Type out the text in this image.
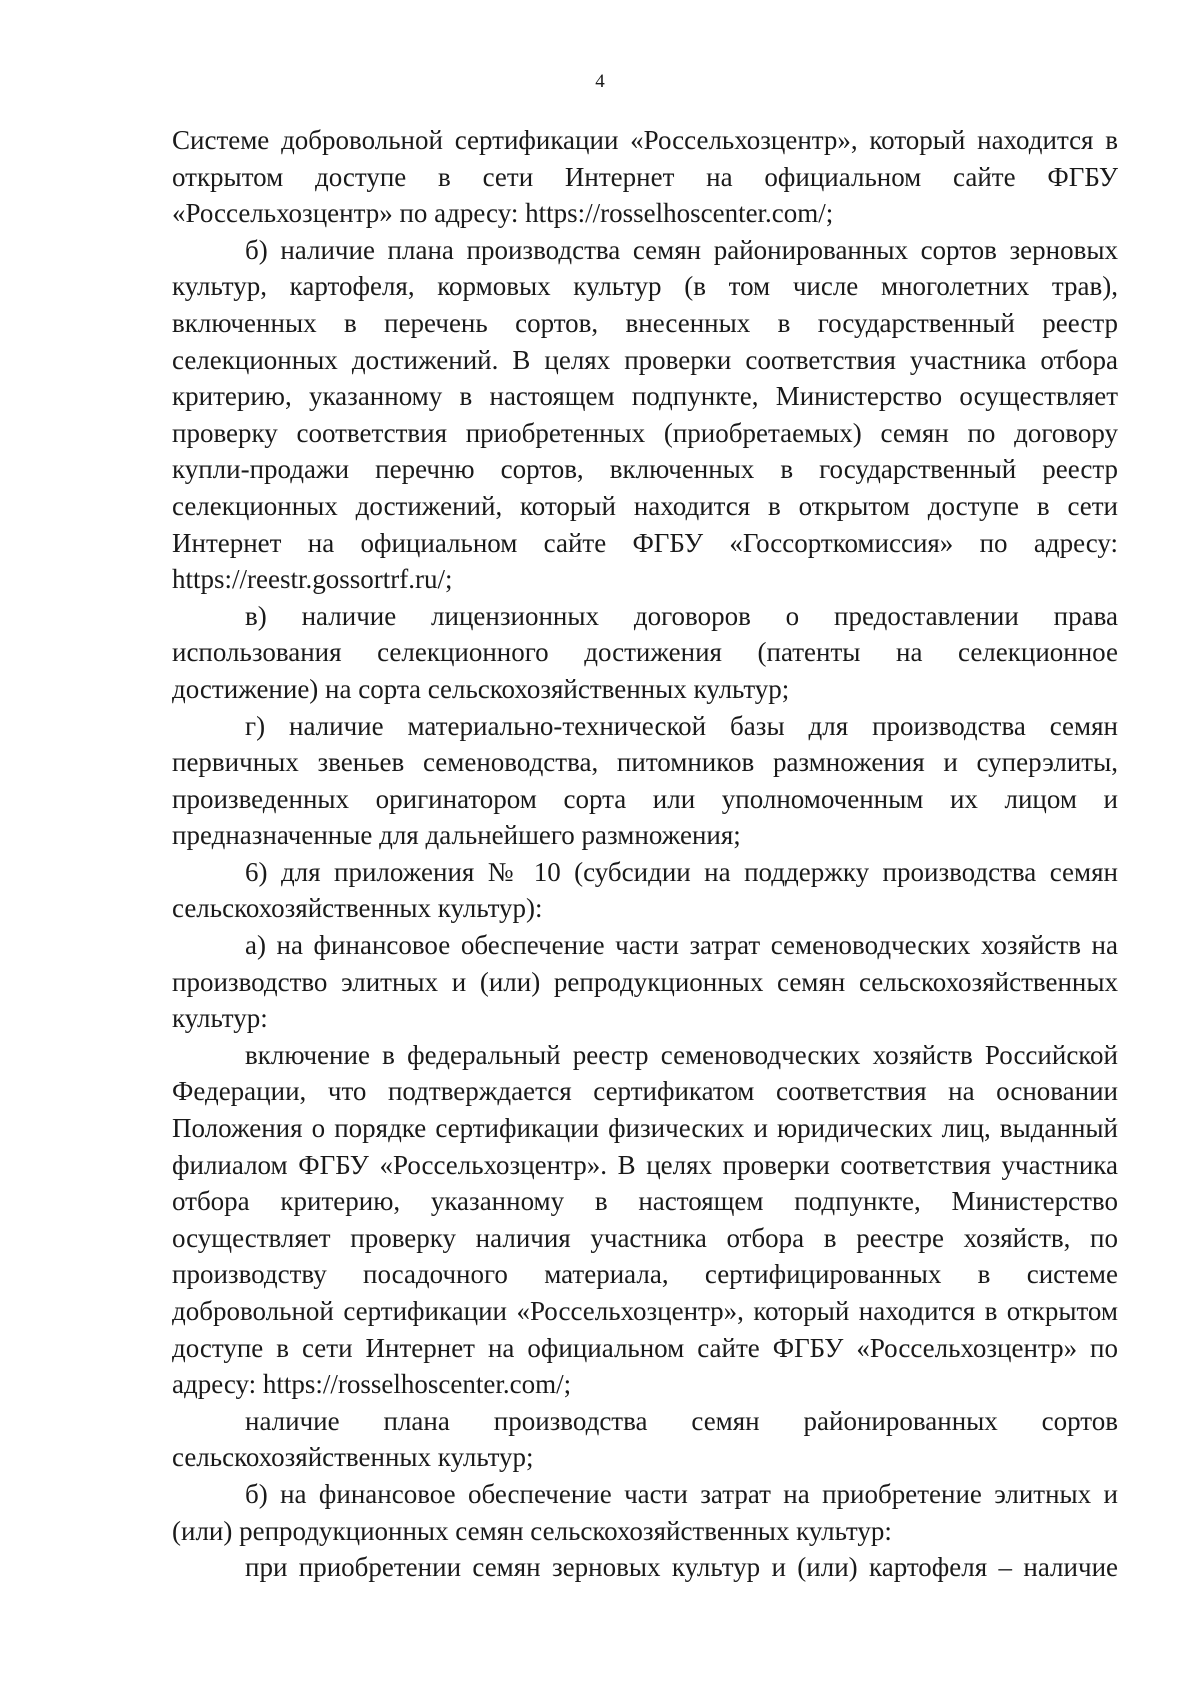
4

Системе добровольной сертификации «Россельхозцентр», который находится в открытом доступе в сети Интернет на официальном сайте ФГБУ «Россельхозцентр» по адресу: https://rosselhoscenter.com/;

б) наличие плана производства семян районированных сортов зерновых культур, картофеля, кормовых культур (в том числе многолетних трав), включенных в перечень сортов, внесенных в государственный реестр селекционных достижений. В целях проверки соответствия участника отбора критерию, указанному в настоящем подпункте, Министерство осуществляет проверку соответствия приобретенных (приобретаемых) семян по договору купли-продажи перечню сортов, включенных в государственный реестр селекционных достижений, который находится в открытом доступе в сети Интернет на официальном сайте ФГБУ «Госсорткомиссия» по адресу: https://reestr.gossortrf.ru/;

в) наличие лицензионных договоров о предоставлении права использования селекционного достижения (патенты на селекционное достижение) на сорта сельскохозяйственных культур;

г) наличие материально-технической базы для производства семян первичных звеньев семеноводства, питомников размножения и суперэлиты, произведенных оригинатором сорта или уполномоченным их лицом и предназначенные для дальнейшего размножения;

6) для приложения № 10 (субсидии на поддержку производства семян сельскохозяйственных культур):

а) на финансовое обеспечение части затрат семеноводческих хозяйств на производство элитных и (или) репродукционных семян сельскохозяйственных культур:

включение в федеральный реестр семеноводческих хозяйств Российской Федерации, что подтверждается сертификатом соответствия на основании Положения о порядке сертификации физических и юридических лиц, выданный филиалом ФГБУ «Россельхозцентр». В целях проверки соответствия участника отбора критерию, указанному в настоящем подпункте, Министерство осуществляет проверку наличия участника отбора в реестре хозяйств, по производству посадочного материала, сертифицированных в системе добровольной сертификации «Россельхозцентр», который находится в открытом доступе в сети Интернет на официальном сайте ФГБУ «Россельхозцентр» по адресу: https://rosselhoscenter.com/;

наличие плана производства семян районированных сортов сельскохозяйственных культур;

б) на финансовое обеспечение части затрат на приобретение элитных и (или) репродукционных семян сельскохозяйственных культур:

при приобретении семян зерновых культур и (или) картофеля – наличие
